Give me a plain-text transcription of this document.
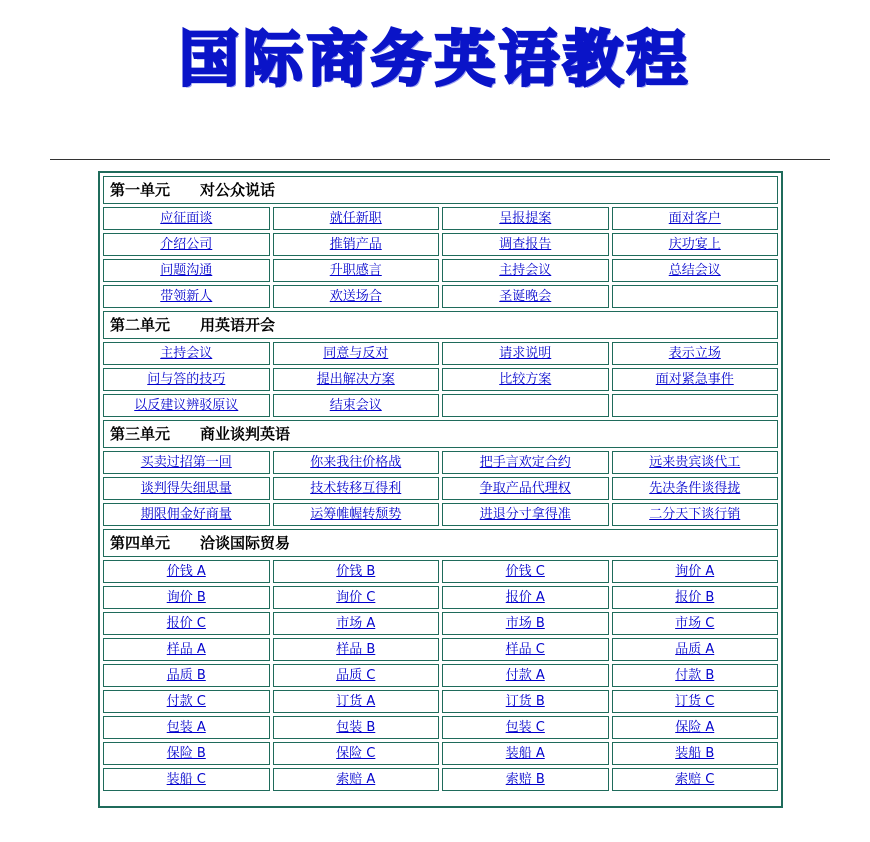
国际商务英语教程
第一单元 对公众说话			
应征面谈	就任新职	呈报提案	面对客户
介绍公司	推销产品	调查报告	庆功宴上
问题沟通	升职感言	主持会议	总结会议
带领新人	欢送场合	圣诞晚会	
第二单元 用英语开会			
主持会议	同意与反对	请求说明	表示立场
问与答的技巧	提出解决方案	比较方案	面对紧急事件
以反建议辨驳原议	结束会议		
第三单元 商业谈判英语			
买卖过招第一回	你来我往价格战	把手言欢定合约	远来贵宾谈代工
谈判得失细思量	技术转移互得利	争取产品代理权	先决条件谈得拢
期限佣金好商量	运筹帷幄转颓势	进退分寸拿得准	二分天下谈行销
第四单元 洽谈国际贸易			
价钱 A	价钱 B	价钱 C	询价 A
询价 B	询价 C	报价 A	报价 B
报价 C	市场 A	市场 B	市场 C
样品 A	样品 B	样品 C	品质 A
品质 B	品质 C	付款 A	付款 B
付款 C	订货 A	订货 B	订货 C
包装 A	包装 B	包装 C	保险 A
保险 B	保险 C	装船 A	装船 B
装船 C	索赔 A	索赔 B	索赔 C
